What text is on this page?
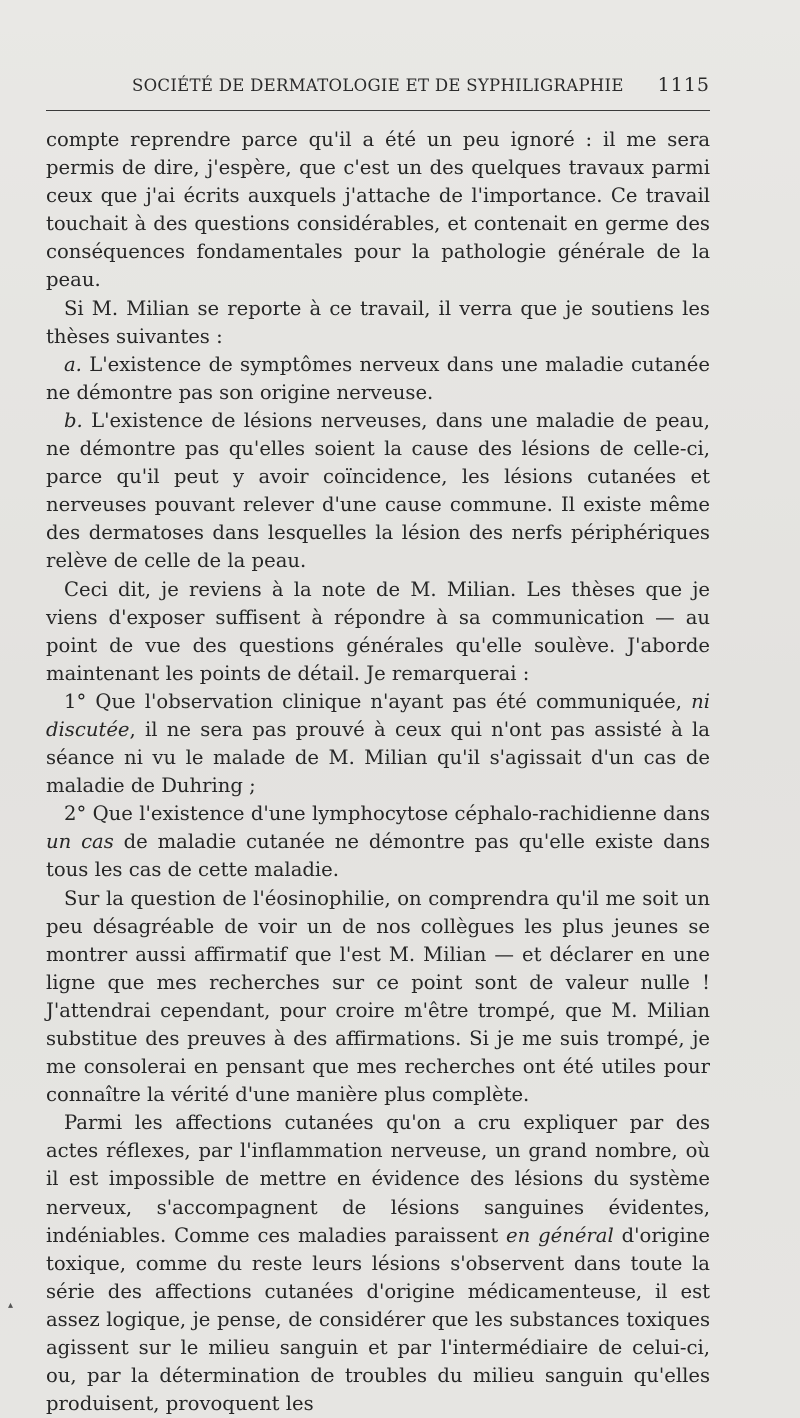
SOCIÉTÉ DE DERMATOLOGIE ET DE SYPHILIGRAPHIE 1115

compte reprendre parce qu'il a été un peu ignoré : il me sera permis de dire, j'espère, que c'est un des quelques travaux parmi ceux que j'ai écrits auxquels j'attache de l'importance. Ce travail touchait à des questions considérables, et contenait en germe des conséquences fondamentales pour la pathologie générale de la peau.

Si M. Milian se reporte à ce travail, il verra que je soutiens les thèses suivantes :

a. L'existence de symptômes nerveux dans une maladie cutanée ne démontre pas son origine nerveuse.

b. L'existence de lésions nerveuses, dans une maladie de peau, ne démontre pas qu'elles soient la cause des lésions de celle-ci, parce qu'il peut y avoir coïncidence, les lésions cutanées et nerveuses pouvant relever d'une cause commune. Il existe même des dermatoses dans lesquelles la lésion des nerfs périphériques relève de celle de la peau.

Ceci dit, je reviens à la note de M. Milian. Les thèses que je viens d'exposer suffisent à répondre à sa communication — au point de vue des questions générales qu'elle soulève. J'aborde maintenant les points de détail. Je remarquerai :

1° Que l'observation clinique n'ayant pas été communiquée, ni discutée, il ne sera pas prouvé à ceux qui n'ont pas assisté à la séance ni vu le malade de M. Milian qu'il s'agissait d'un cas de maladie de Duhring ;

2° Que l'existence d'une lymphocytose céphalo-rachidienne dans un cas de maladie cutanée ne démontre pas qu'elle existe dans tous les cas de cette maladie.

Sur la question de l'éosinophilie, on comprendra qu'il me soit un peu désagréable de voir un de nos collègues les plus jeunes se montrer aussi affirmatif que l'est M. Milian — et déclarer en une ligne que mes recherches sur ce point sont de valeur nulle ! J'attendrai cependant, pour croire m'être trompé, que M. Milian substitue des preuves à des affirmations. Si je me suis trompé, je me consolerai en pensant que mes recherches ont été utiles pour connaître la vérité d'une manière plus complète.

Parmi les affections cutanées qu'on a cru expliquer par des actes réflexes, par l'inflammation nerveuse, un grand nombre, où il est impossible de mettre en évidence des lésions du système nerveux, s'accompagnent de lésions sanguines évidentes, indéniables. Comme ces maladies paraissent en général d'origine toxique, comme du reste leurs lésions s'observent dans toute la série des affections cutanées d'origine médicamenteuse, il est assez logique, je pense, de considérer que les substances toxiques agissent sur le milieu sanguin et par l'intermédiaire de celui-ci, ou, par la détermination de troubles du milieu sanguin qu'elles produisent, provoquent les

▴
